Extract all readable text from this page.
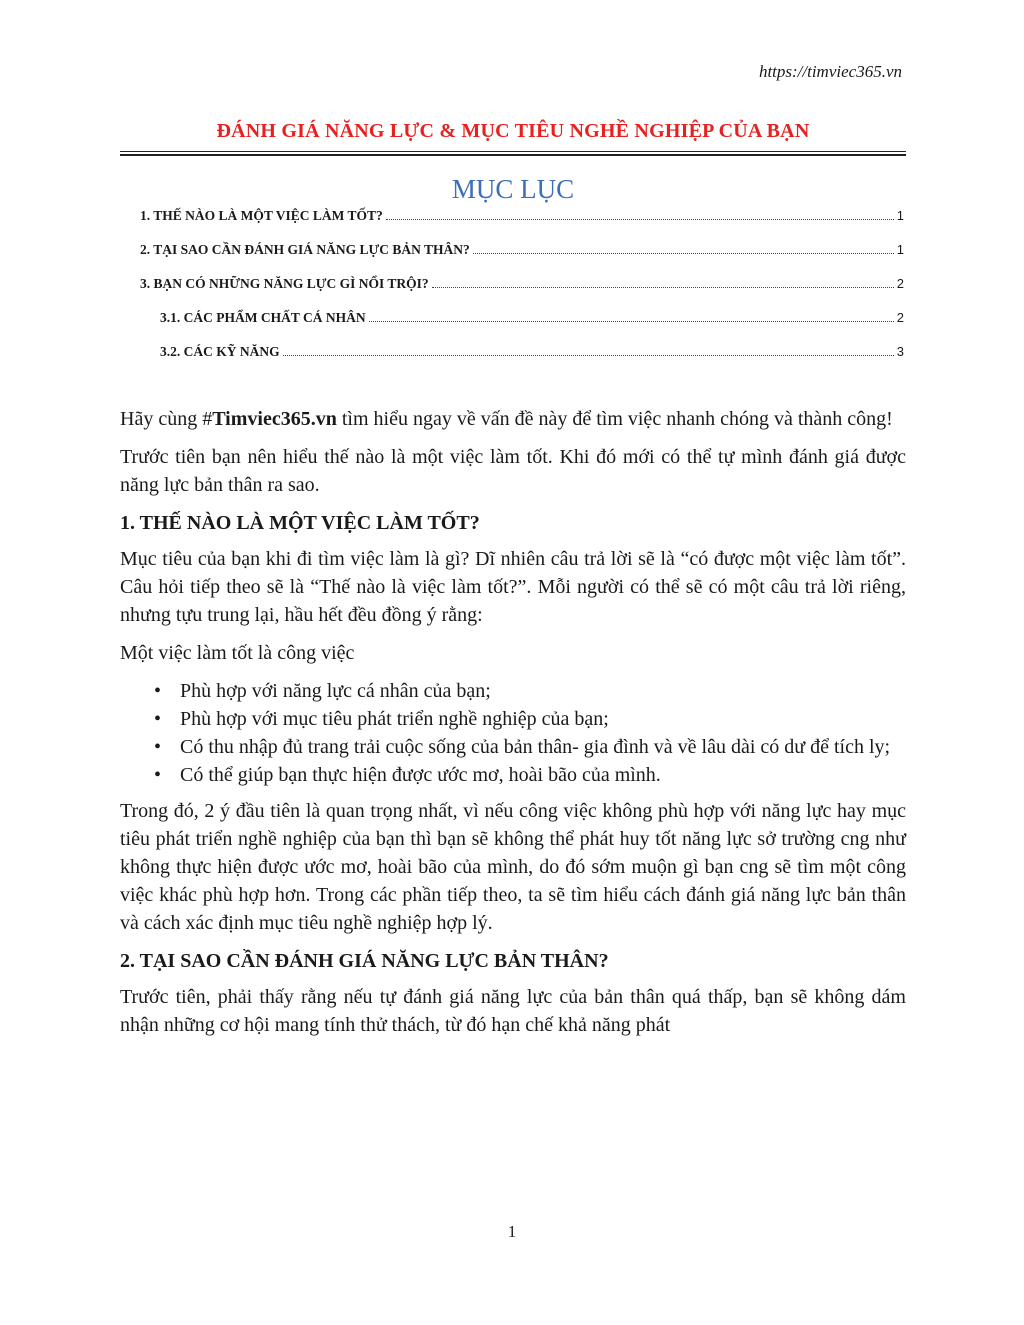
https://timviec365.vn
ĐÁNH GIÁ NĂNG LỰC & MỤC TIÊU NGHỀ NGHIỆP CỦA BẠN
MỤC LỤC
1. THẾ NÀO LÀ MỘT VIỆC LÀM TỐT?	1
2. TẠI SAO CẦN ĐÁNH GIÁ NĂNG LỰC BẢN THÂN?	1
3. BẠN CÓ NHỮNG NĂNG LỰC GÌ NỔI TRỘI?	2
3.1. CÁC PHẨM CHẤT CÁ NHÂN	2
3.2. CÁC KỸ NĂNG	3

Hãy cùng #Timviec365.vn tìm hiểu ngay về vấn đề này để tìm việc nhanh chóng và thành công!

Trước tiên bạn nên hiểu thế nào là một việc làm tốt. Khi đó mới có thể tự mình đánh giá được năng lực bản thân ra sao.

1. THẾ NÀO LÀ MỘT VIỆC LÀM TỐT?

Mục tiêu của bạn khi đi tìm việc làm là gì? Dĩ nhiên câu trả lời sẽ là “có được một việc làm tốt”. Câu hỏi tiếp theo sẽ là “Thế nào là việc làm tốt?”. Mỗi người có thể sẽ có một câu trả lời riêng, nhưng tựu trung lại, hầu hết đều đồng ý rằng:

Một việc làm tốt là công việc

• Phù hợp với năng lực cá nhân của bạn;
• Phù hợp với mục tiêu phát triển nghề nghiệp của bạn;
• Có thu nhập đủ trang trải cuộc sống của bản thân- gia đình và về lâu dài có dư để tích ly;
• Có thể giúp bạn thực hiện được ước mơ, hoài bão của mình.

Trong đó, 2 ý đầu tiên là quan trọng nhất, vì nếu công việc không phù hợp với năng lực hay mục tiêu phát triển nghề nghiệp của bạn thì bạn sẽ không thể phát huy tốt năng lực sở trường cng như không thực hiện được ước mơ, hoài bão của mình, do đó sớm muộn gì bạn cng sẽ tìm một công việc khác phù hợp hơn. Trong các phần tiếp theo, ta sẽ tìm hiểu cách đánh giá năng lực bản thân và cách xác định mục tiêu nghề nghiệp hợp lý.

2. TẠI SAO CẦN ĐÁNH GIÁ NĂNG LỰC BẢN THÂN?

Trước tiên, phải thấy rằng nếu tự đánh giá năng lực của bản thân quá thấp, bạn sẽ không dám nhận những cơ hội mang tính thử thách, từ đó hạn chế khả năng phát

1
